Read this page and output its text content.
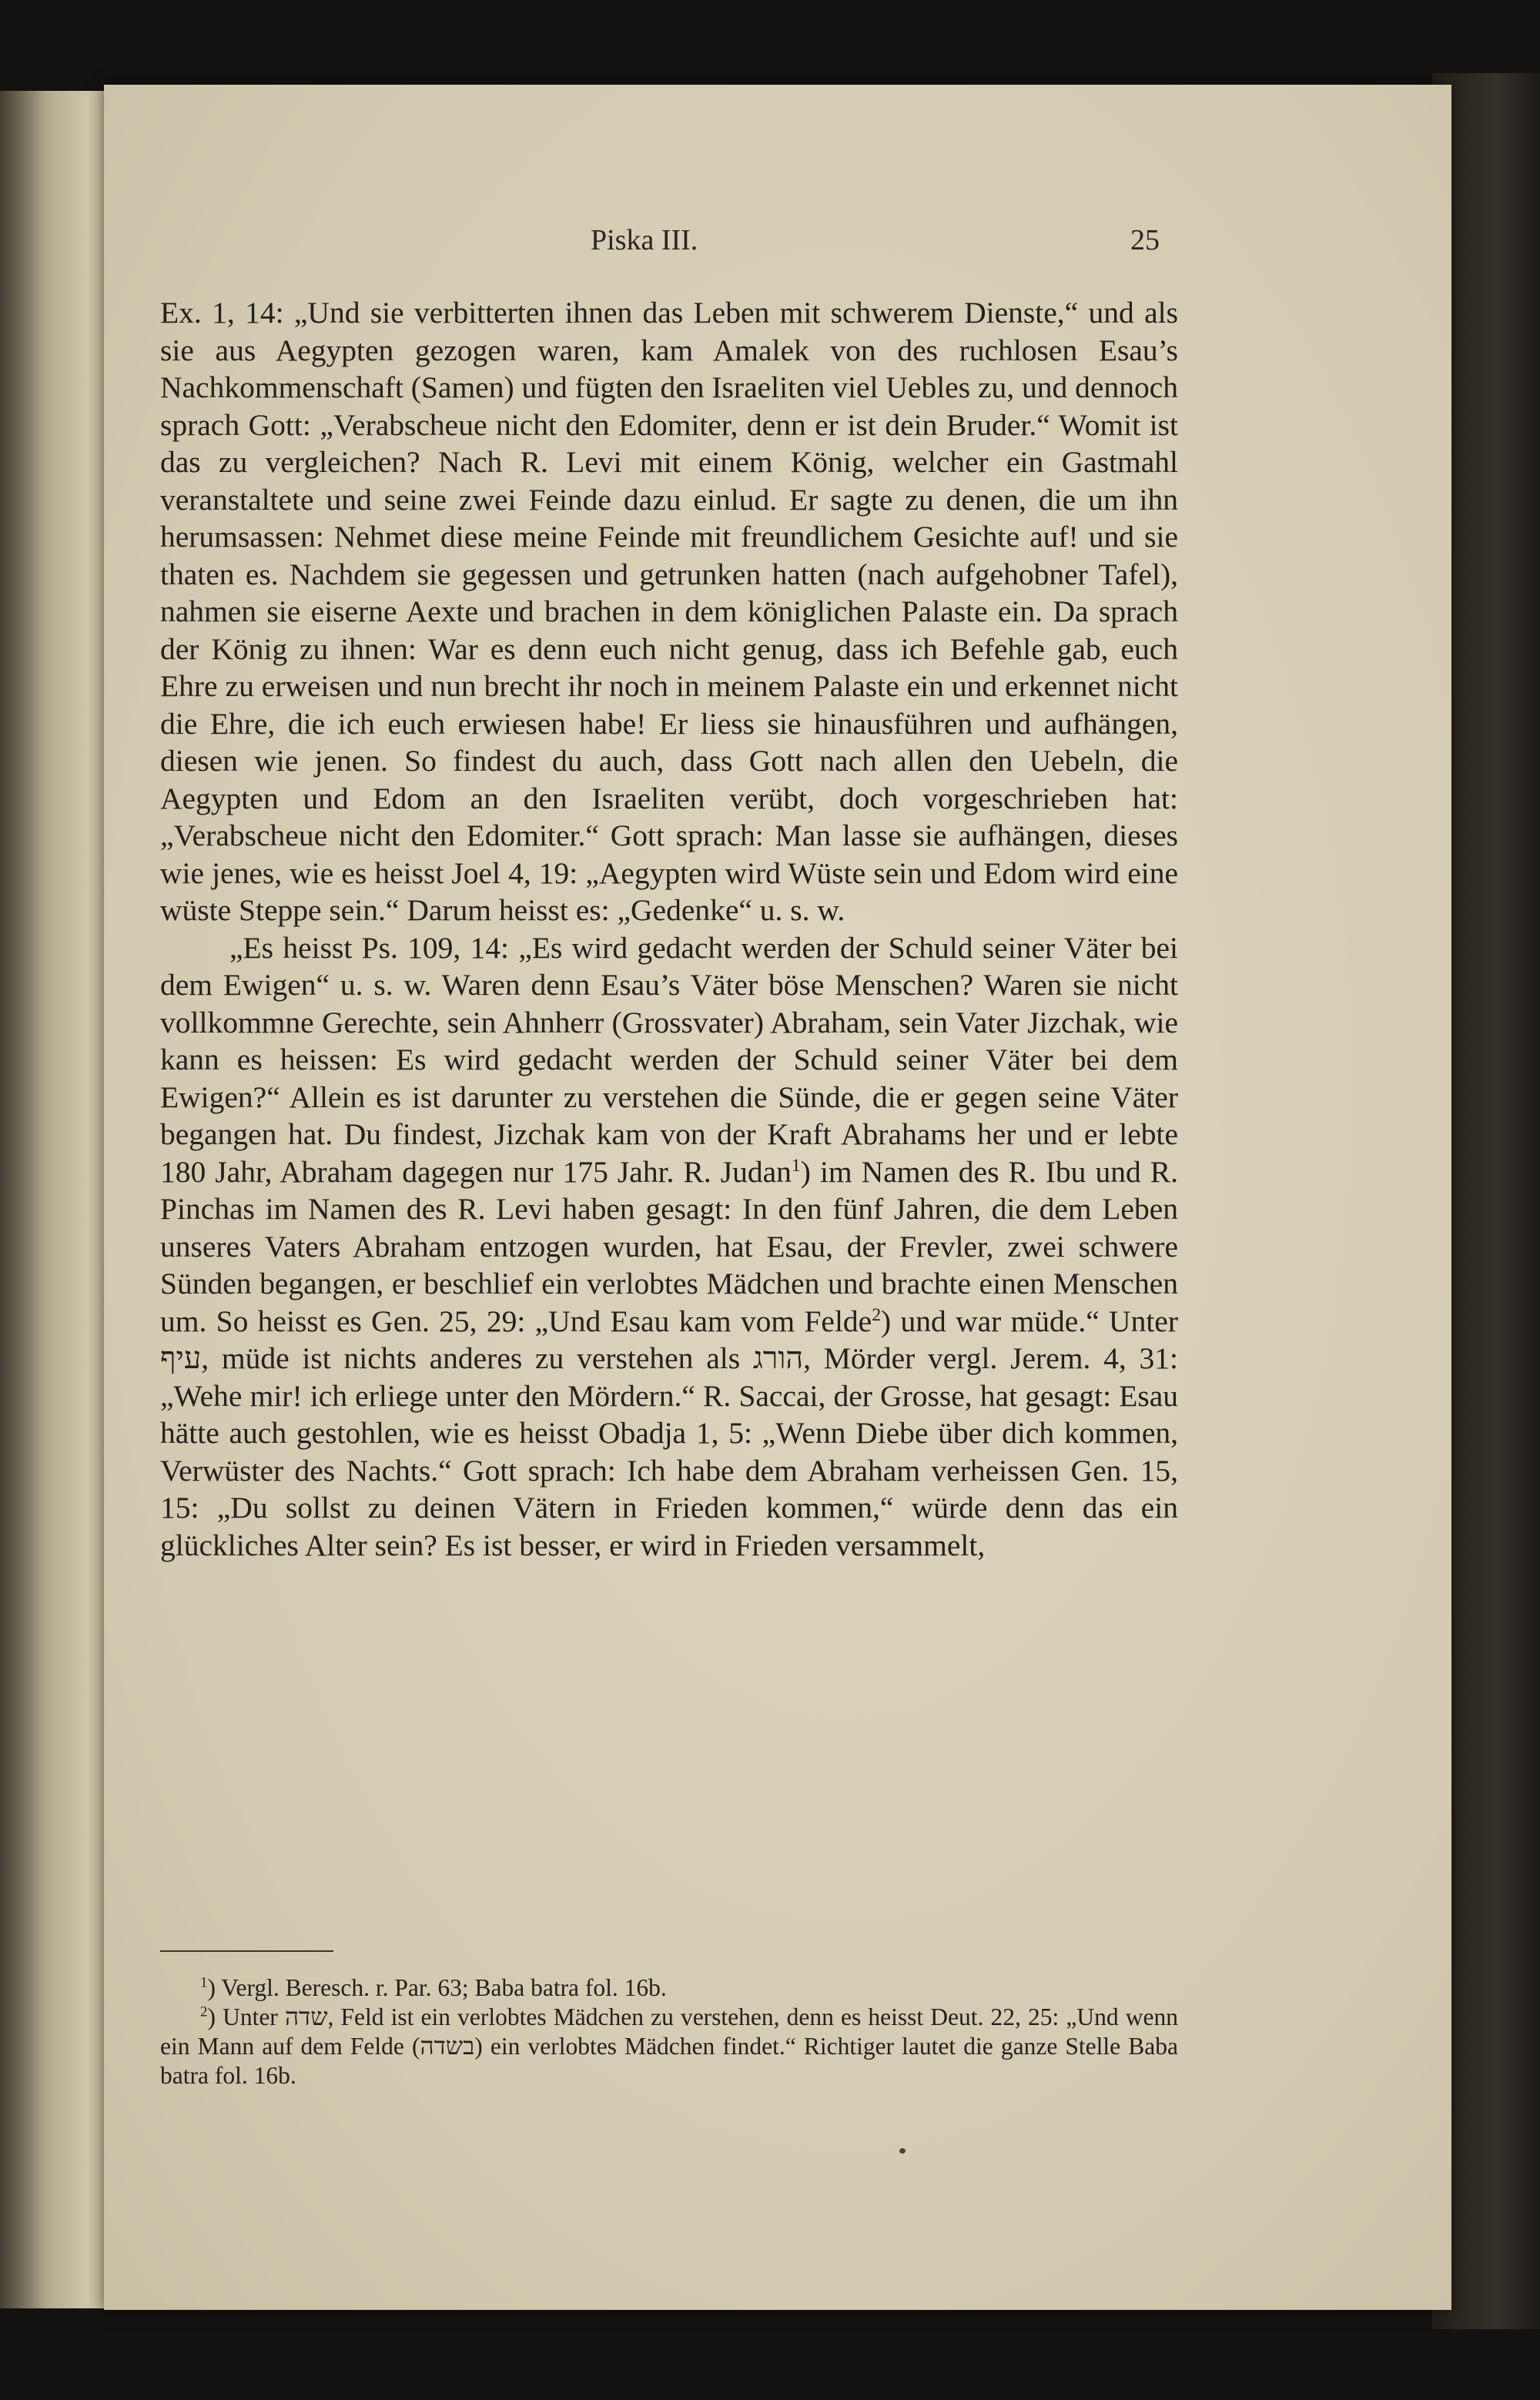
Piska III.	25

Ex. 1, 14: „Und sie verbitterten ihnen das Leben mit schwerem Dienste,“ und als sie aus Aegypten gezogen waren, kam Amalek von des ruchlosen Esau’s Nachkommenschaft (Samen) und fügten den Israeliten viel Uebles zu, und dennoch sprach Gott: „Verabscheue nicht den Edomiter, denn er ist dein Bruder.“ Womit ist das zu vergleichen? Nach R. Levi mit einem König, welcher ein Gastmahl veranstaltete und seine zwei Feinde dazu einlud. Er sagte zu denen, die um ihn herumsassen: Nehmet diese meine Feinde mit freundlichem Gesichte auf! und sie thaten es. Nachdem sie gegessen und getrunken hatten (nach aufgehobner Tafel), nahmen sie eiserne Aexte und brachen in dem königlichen Palaste ein. Da sprach der König zu ihnen: War es denn euch nicht genug, dass ich Befehle gab, euch Ehre zu erweisen und nun brecht ihr noch in meinem Palaste ein und erkennet nicht die Ehre, die ich euch erwiesen habe! Er liess sie hinausführen und aufhängen, diesen wie jenen. So findest du auch, dass Gott nach allen den Uebeln, die Aegypten und Edom an den Israeliten verübt, doch vorgeschrieben hat: „Verabscheue nicht den Edomiter.“ Gott sprach: Man lasse sie aufhängen, dieses wie jenes, wie es heisst Joel 4, 19: „Aegypten wird Wüste sein und Edom wird eine wüste Steppe sein.“ Darum heisst es: „Gedenke“ u. s. w.

„Es heisst Ps. 109, 14: „Es wird gedacht werden der Schuld seiner Väter bei dem Ewigen“ u. s. w. Waren denn Esau’s Väter böse Menschen? Waren sie nicht vollkommne Gerechte, sein Ahnherr (Grossvater) Abraham, sein Vater Jizchak, wie kann es heissen: Es wird gedacht werden der Schuld seiner Väter bei dem Ewigen?“ Allein es ist darunter zu verstehen die Sünde, die er gegen seine Väter begangen hat. Du findest, Jizchak kam von der Kraft Abrahams her und er lebte 180 Jahr, Abraham dagegen nur 175 Jahr. R. Judan$^1$) im Namen des R. Ibu und R. Pinchas im Namen des R. Levi haben gesagt: In den fünf Jahren, die dem Leben unseres Vaters Abraham entzogen wurden, hat Esau, der Frevler, zwei schwere Sünden begangen, er beschlief ein verlobtes Mädchen und brachte einen Menschen um. So heisst es Gen. 25, 29: „Und Esau kam vom Felde$^2$) und war müde.“ Unter עיף, müde ist nichts anderes zu verstehen als הורג, Mörder vergl. Jerem. 4, 31: „Wehe mir! ich erliege unter den Mördern.“ R. Saccai, der Grosse, hat gesagt: Esau hätte auch gestohlen, wie es heisst Obadja 1, 5: „Wenn Diebe über dich kommen, Verwüster des Nachts.“ Gott sprach: Ich habe dem Abraham verheissen Gen. 15, 15: „Du sollst zu deinen Vätern in Frieden kommen,“ würde denn das ein glückliches Alter sein? Es ist besser, er wird in Frieden versammelt,

$^1$) Vergl. Beresch. r. Par. 63; Baba batra fol. 16b.

$^2$) Unter שדה, Feld ist ein verlobtes Mädchen zu verstehen, denn es heisst Deut. 22, 25: „Und wenn ein Mann auf dem Felde (בשדה) ein verlobtes Mädchen findet.“ Richtiger lautet die ganze Stelle Baba batra fol. 16b.
